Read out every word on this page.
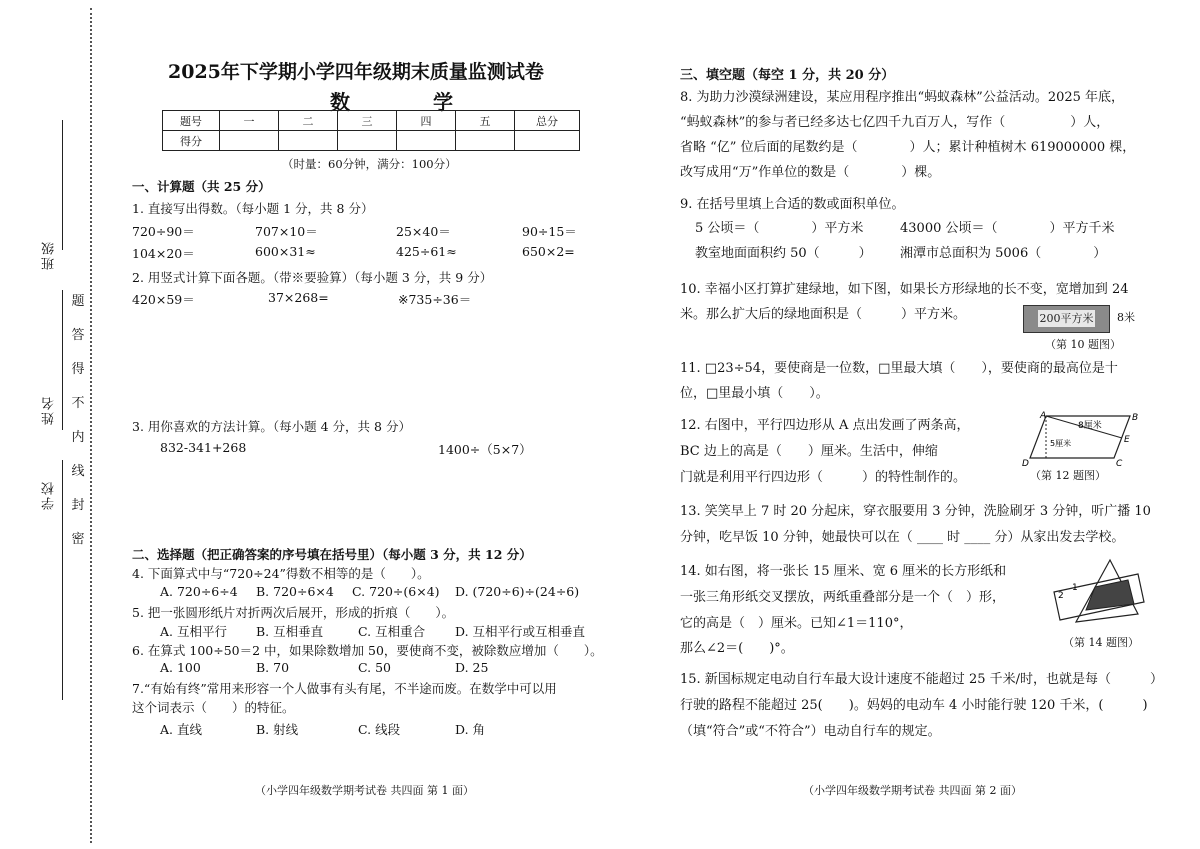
班级
姓名
学校
题
答
得
不
内
线
封
密
2025年下学期小学四年级期末质量监测试卷
数 学
题号	一	二	三	四	五	总分
得分						
（时量：60分钟，满分：100分）
一、计算题（共 25 分）
1. 直接写出得数。（每小题 1 分，共 8 分）
720÷90＝	707×10＝	25×40＝	90÷15＝
104×20＝	600×31≈	425÷61≈	650×2=
2. 用竖式计算下面各题。（带※要验算）（每小题 3 分，共 9 分）
420×59＝	37×268=	※735÷36＝
3. 用你喜欢的方法计算。（每小题 4 分，共 8 分）
832-341+268	1400÷（5×7）
二、选择题（把正确答案的序号填在括号里）（每小题 3 分，共 12 分）
4. 下面算式中与“720÷24”得数不相等的是（　　）。
A. 720÷6÷4 B. 720÷6×4 C. 720÷(6×4) D. (720÷6)÷(24÷6)
5. 把一张圆形纸片对折两次后展开，形成的折痕（　　）。
A. 互相平行 B. 互相垂直	C. 互相重合 D. 互相平行或互相垂直
6. 在算式 100÷50＝2 中，如果除数增加 50，要使商不变，被除数应增加（　　）。
A. 100	B. 70	C. 50	D. 25
7.“有始有终”常用来形容一个人做事有头有尾，不半途而废。在数学中可以用
这个词表示（　　）的特征。
A. 直线	B. 射线	C. 线段	D. 角
（小学四年级数学期考试卷 共四面 第 1 面）
三、填空题（每空 1 分，共 20 分）
8. 为助力沙漠绿洲建设，某应用程序推出“蚂蚁森林”公益活动。2025 年底，
“蚂蚁森林”的参与者已经多达七亿四千九百万人，写作（　　　　　）人，
省略 “亿” 位后面的尾数约是（　　　　）人；累计种植树木 619000000 棵，
改写成用“万”作单位的数是（　　　　）棵。
9. 在括号里填上合适的数或面积单位。
5 公顷＝（　　　　）平方米	43000 公顷＝（　　　　）平方千米
教室地面面积约 50（　　　） 湘潭市总面积为 5006（　　　　）
10. 幸福小区打算扩建绿地，如下图，如果长方形绿地的长不变，宽增加到 24
米。那么扩大后的绿地面积是（　　　）平方米。	200平方米 8米
（第 10 题图）
11. □23÷54，要使商是一位数，□里最大填（　　），要使商的最高位是十
位，□里最小填（　　）。
12. 右图中，平行四边形从 A 点出发画了两条高，
BC 边上的高是（　　）厘米。生活中，伸缩
门就是利用平行四边形（　　　）的特性制作的。
A	B
C
D
E
8厘米
5厘米
（第 12 题图）
13. 笑笑早上 7 时 20 分起床，穿衣服要用 3 分钟，洗脸刷牙 3 分钟，听广播 10
分钟，吃早饭 10 分钟，她最快可以在（ ____ 时 ____ 分）从家出发去学校。
14. 如右图，将一张长 15 厘米、宽 6 厘米的长方形纸和
一张三角形纸交叉摆放，两纸重叠部分是一个（　）形，
它的高是（　）厘米。已知∠1＝110°，
那么∠2＝(　　)°。
1
2
（第 14 题图）
15. 新国标规定电动自行车最大设计速度不能超过 25 千米/时，也就是每（　　　）
行驶的路程不能超过 25(　　)。妈妈的电动车 4 小时能行驶 120 千米，(　　　)
（填“符合”或“不符合”）电动自行车的规定。
（小学四年级数学期考试卷 共四面 第 2 面）
